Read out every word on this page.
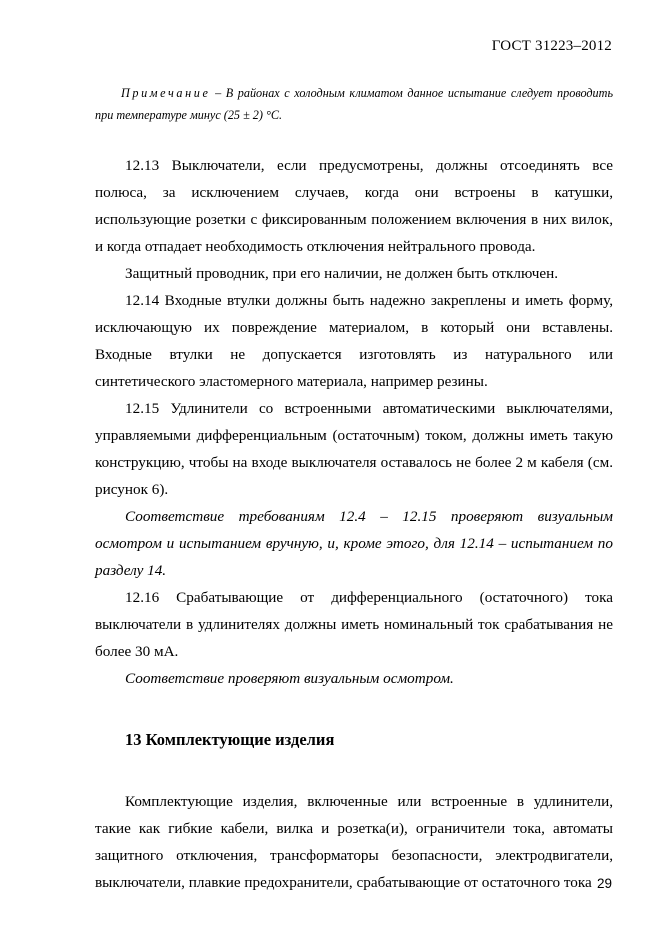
ГОСТ 31223–2012

Примечание – В районах с холодным климатом данное испытание следует проводить при температуре минус (25 ± 2) °С.

12.13 Выключатели, если предусмотрены, должны отсоединять все полюса, за исключением случаев, когда они встроены в катушки, использующие розетки с фиксированным положением включения в них вилок, и когда отпадает необходимость отключения нейтрального провода.

Защитный проводник, при его наличии, не должен быть отключен.

12.14 Входные втулки должны быть надежно закреплены и иметь форму, исключающую их повреждение материалом, в который они вставлены. Входные втулки не допускается изготовлять из натурального или синтетического эластомерного материала, например резины.

12.15 Удлинители со встроенными автоматическими выключателями, управляемыми дифференциальным (остаточным) током, должны иметь такую конструкцию, чтобы на входе выключателя оставалось не более 2 м кабеля (см. рисунок 6).

Соответствие требованиям 12.4 – 12.15 проверяют визуальным осмотром и испытанием вручную, и, кроме этого, для 12.14 – испытанием по разделу 14.

12.16 Срабатывающие от дифференциального (остаточного) тока выключатели в удлинителях должны иметь номинальный ток срабатывания не более 30 мА.

Соответствие проверяют визуальным осмотром.

13 Комплектующие изделия

Комплектующие изделия, включенные или встроенные в удлинители, такие как гибкие кабели, вилка и розетка(и), ограничители тока, автоматы защитного отключения, трансформаторы безопасности, электродвигатели, выключатели, плавкие предохранители, срабатывающие от остаточного тока 29
